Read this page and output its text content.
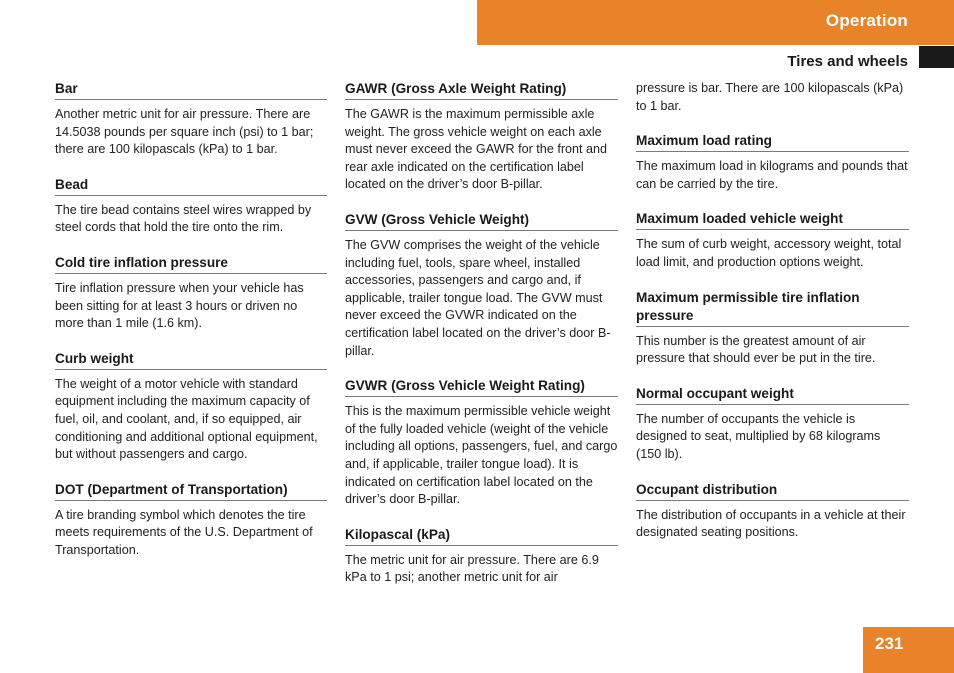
Operation
Tires and wheels
Bar
Another metric unit for air pressure. There are 14.5038 pounds per square inch (psi) to 1 bar; there are 100 kilopascals (kPa) to 1 bar.
Bead
The tire bead contains steel wires wrapped by steel cords that hold the tire onto the rim.
Cold tire inflation pressure
Tire inflation pressure when your vehicle has been sitting for at least 3 hours or driven no more than 1 mile (1.6 km).
Curb weight
The weight of a motor vehicle with standard equipment including the maximum capacity of fuel, oil, and coolant, and, if so equipped, air conditioning and additional optional equipment, but without passengers and cargo.
DOT (Department of Transportation)
A tire branding symbol which denotes the tire meets requirements of the U.S. Department of Transportation.
GAWR (Gross Axle Weight Rating)
The GAWR is the maximum permissible axle weight. The gross vehicle weight on each axle must never exceed the GAWR for the front and rear axle indicated on the certification label located on the driver’s door B-pillar.
GVW (Gross Vehicle Weight)
The GVW comprises the weight of the vehicle including fuel, tools, spare wheel, installed accessories, passengers and cargo and, if applicable, trailer tongue load. The GVW must never exceed the GVWR indicated on the certification label located on the driver’s door B-pillar.
GVWR (Gross Vehicle Weight Rating)
This is the maximum permissible vehicle weight of the fully loaded vehicle (weight of the vehicle including all options, passengers, fuel, and cargo and, if applicable, trailer tongue load). It is indicated on certification label located on the driver’s door B-pillar.
Kilopascal (kPa)
The metric unit for air pressure. There are 6.9 kPa to 1 psi; another metric unit for air
pressure is bar. There are 100 kilopascals (kPa) to 1 bar.
Maximum load rating
The maximum load in kilograms and pounds that can be carried by the tire.
Maximum loaded vehicle weight
The sum of curb weight, accessory weight, total load limit, and production options weight.
Maximum permissible tire inflation pressure
This number is the greatest amount of air pressure that should ever be put in the tire.
Normal occupant weight
The number of occupants the vehicle is designed to seat, multiplied by 68 kilograms (150 lb).
Occupant distribution
The distribution of occupants in a vehicle at their designated seating positions.
231
